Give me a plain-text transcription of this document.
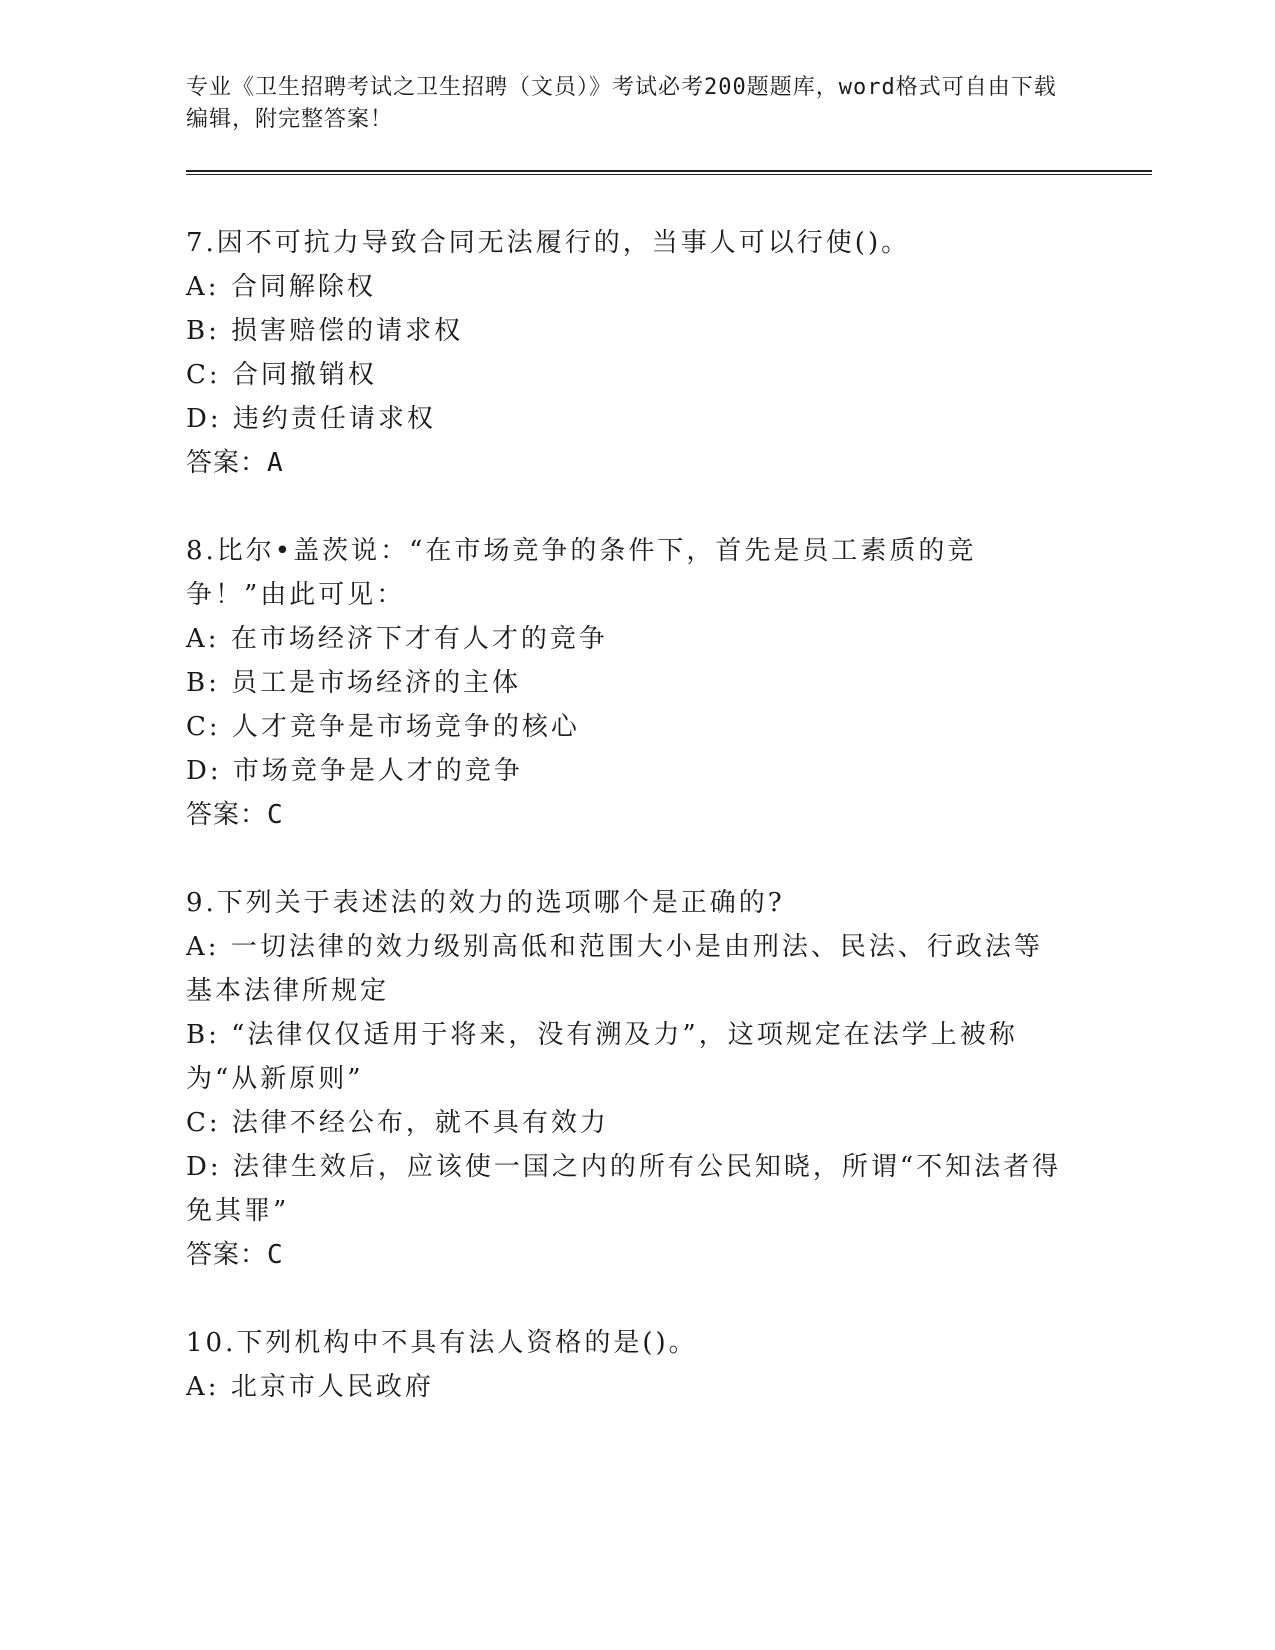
专业《卫生招聘考试之卫生招聘（文员）》考试必考200题题库，word格式可自由下载编辑，附完整答案！

7.因不可抗力导致合同无法履行的，当事人可以行使()。
A: 合同解除权
B: 损害赔偿的请求权
C: 合同撤销权
D: 违约责任请求权
答案：A
8.比尔•盖茨说：“在市场竞争的条件下，首先是员工素质的竞争！”由此可见：
A: 在市场经济下才有人才的竞争
B: 员工是市场经济的主体
C: 人才竞争是市场竞争的核心
D: 市场竞争是人才的竞争
答案：C
9.下列关于表述法的效力的选项哪个是正确的?
A: 一切法律的效力级别高低和范围大小是由刑法、民法、行政法等基本法律所规定
B: “法律仅仅适用于将来，没有溯及力”，这项规定在法学上被称为“从新原则”
C: 法律不经公布，就不具有效力
D: 法律生效后，应该使一国之内的所有公民知晓，所谓“不知法者得免其罪”
答案：C
10.下列机构中不具有法人资格的是()。
A: 北京市人民政府
